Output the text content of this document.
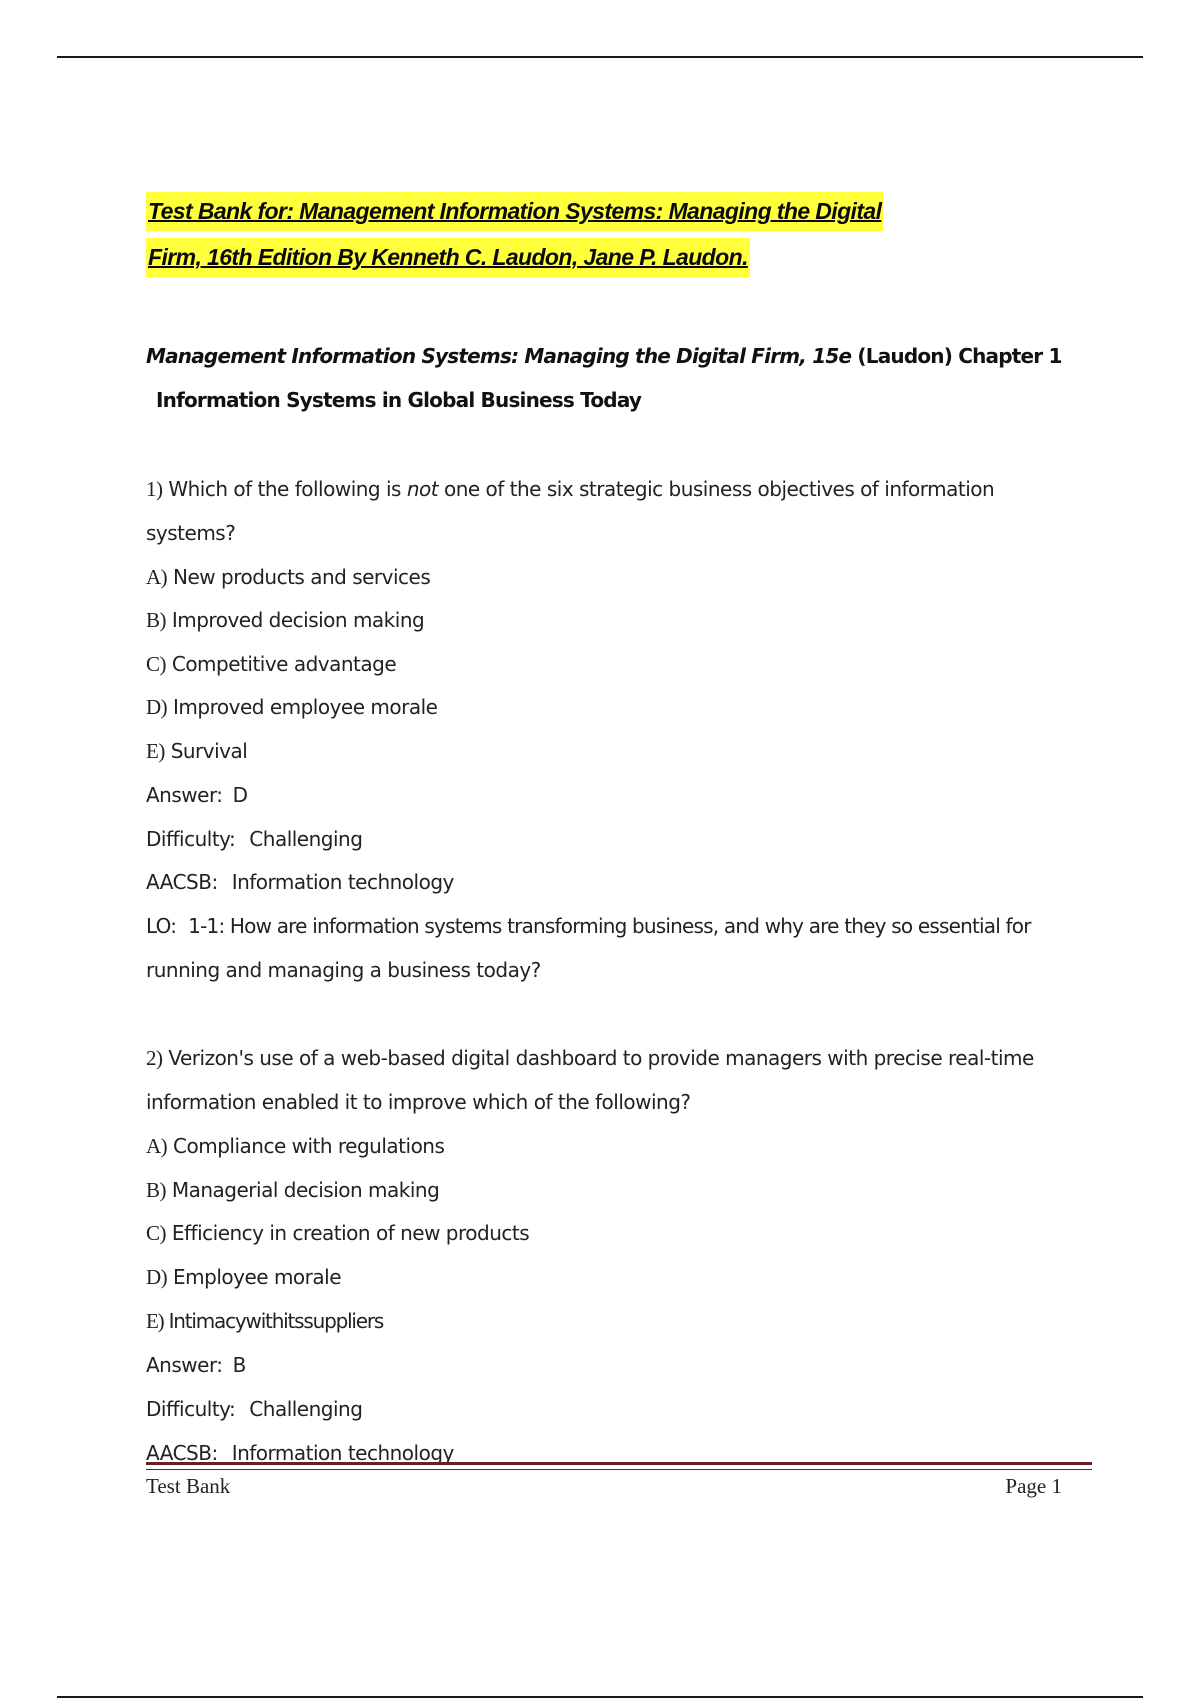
Test Bank for: Management Information Systems: Managing the Digital
Firm, 16th Edition By Kenneth C. Laudon, Jane P. Laudon.
Management Information Systems: Managing the Digital Firm, 15e (Laudon) Chapter 1
Information Systems in Global Business Today
1) Which of the following is not one of the six strategic business objectives of information
systems?
A) New products and services
B) Improved decision making
C) Competitive advantage
D) Improved employee morale
E) Survival
Answer: D
Difficulty: Challenging
AACSB: Information technology
LO: 1-1: How are information systems transforming business, and why are they so essential for
running and managing a business today?
2) Verizon's use of a web-based digital dashboard to provide managers with precise real-time
information enabled it to improve which of the following?
A) Compliance with regulations
B) Managerial decision making
C) Efficiency in creation of new products
D) Employee morale
E) Intimacywithitssuppliers
Answer: B
Difficulty: Challenging
AACSB: Information technology
Test Bank	Page 1
